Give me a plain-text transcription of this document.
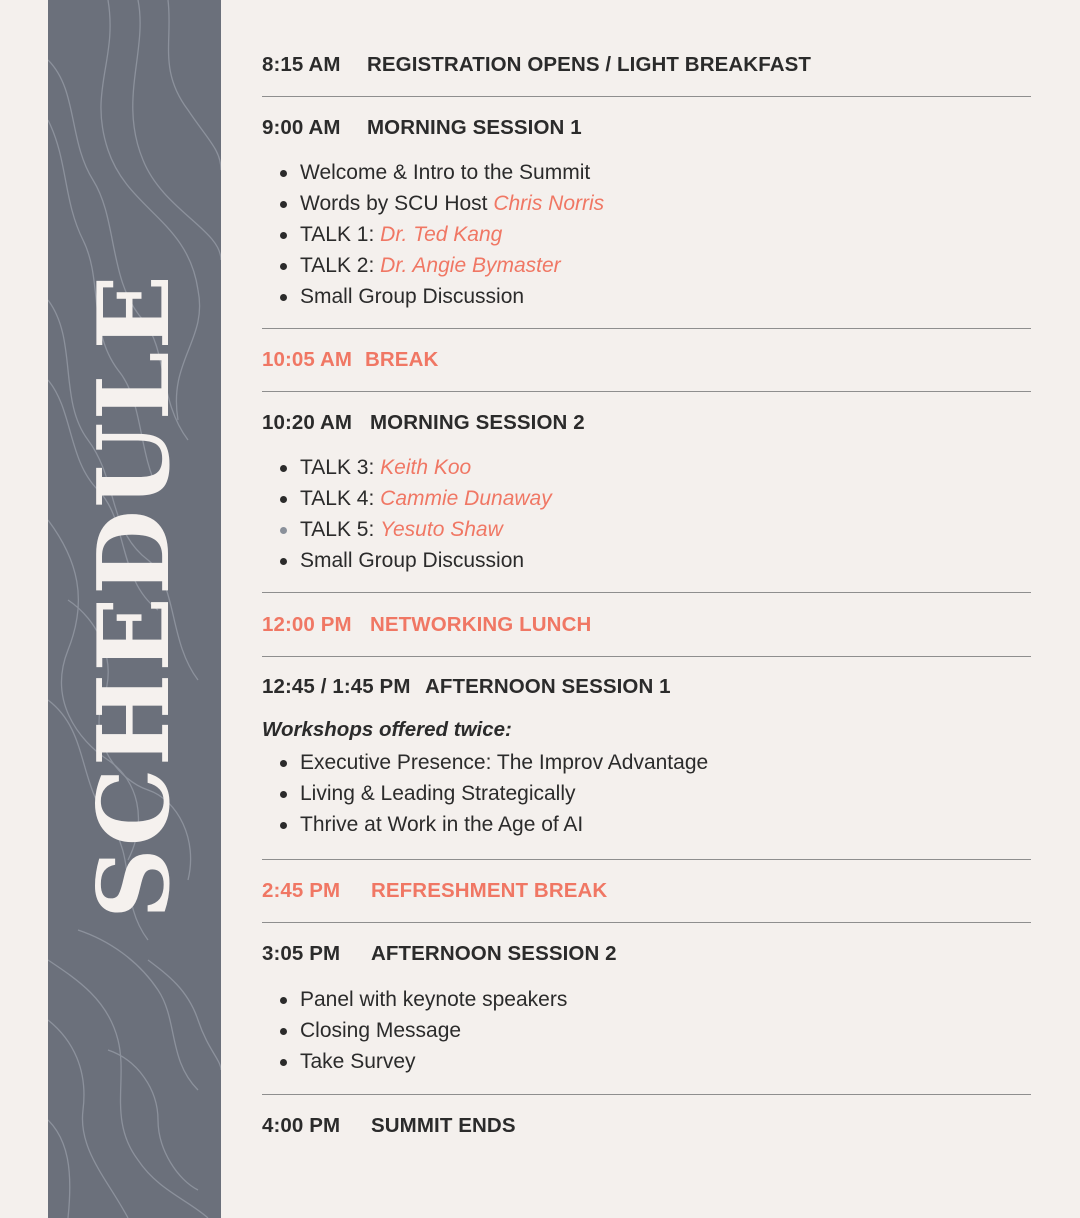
SCHEDULE
8:15 AM	REGISTRATION OPENS / LIGHT BREAKFAST
9:00 AM	MORNING SESSION 1
Welcome & Intro to the Summit
Words by SCU Host Chris Norris
TALK 1: Dr. Ted Kang
TALK 2: Dr. Angie Bymaster
Small Group Discussion
10:05 AM BREAK
10:20 AM MORNING SESSION 2
TALK 3: Keith Koo
TALK 4: Cammie Dunaway
TALK 5: Yesuto Shaw
Small Group Discussion
12:00 PM NETWORKING LUNCH
12:45 / 1:45 PM AFTERNOON SESSION 1
Workshops offered twice:
Executive Presence: The Improv Advantage
Living & Leading Strategically
Thrive at Work in the Age of AI
2:45 PM	REFRESHMENT BREAK
3:05 PM	AFTERNOON SESSION 2
Panel with keynote speakers
Closing Message
Take Survey
4:00 PM	SUMMIT ENDS
